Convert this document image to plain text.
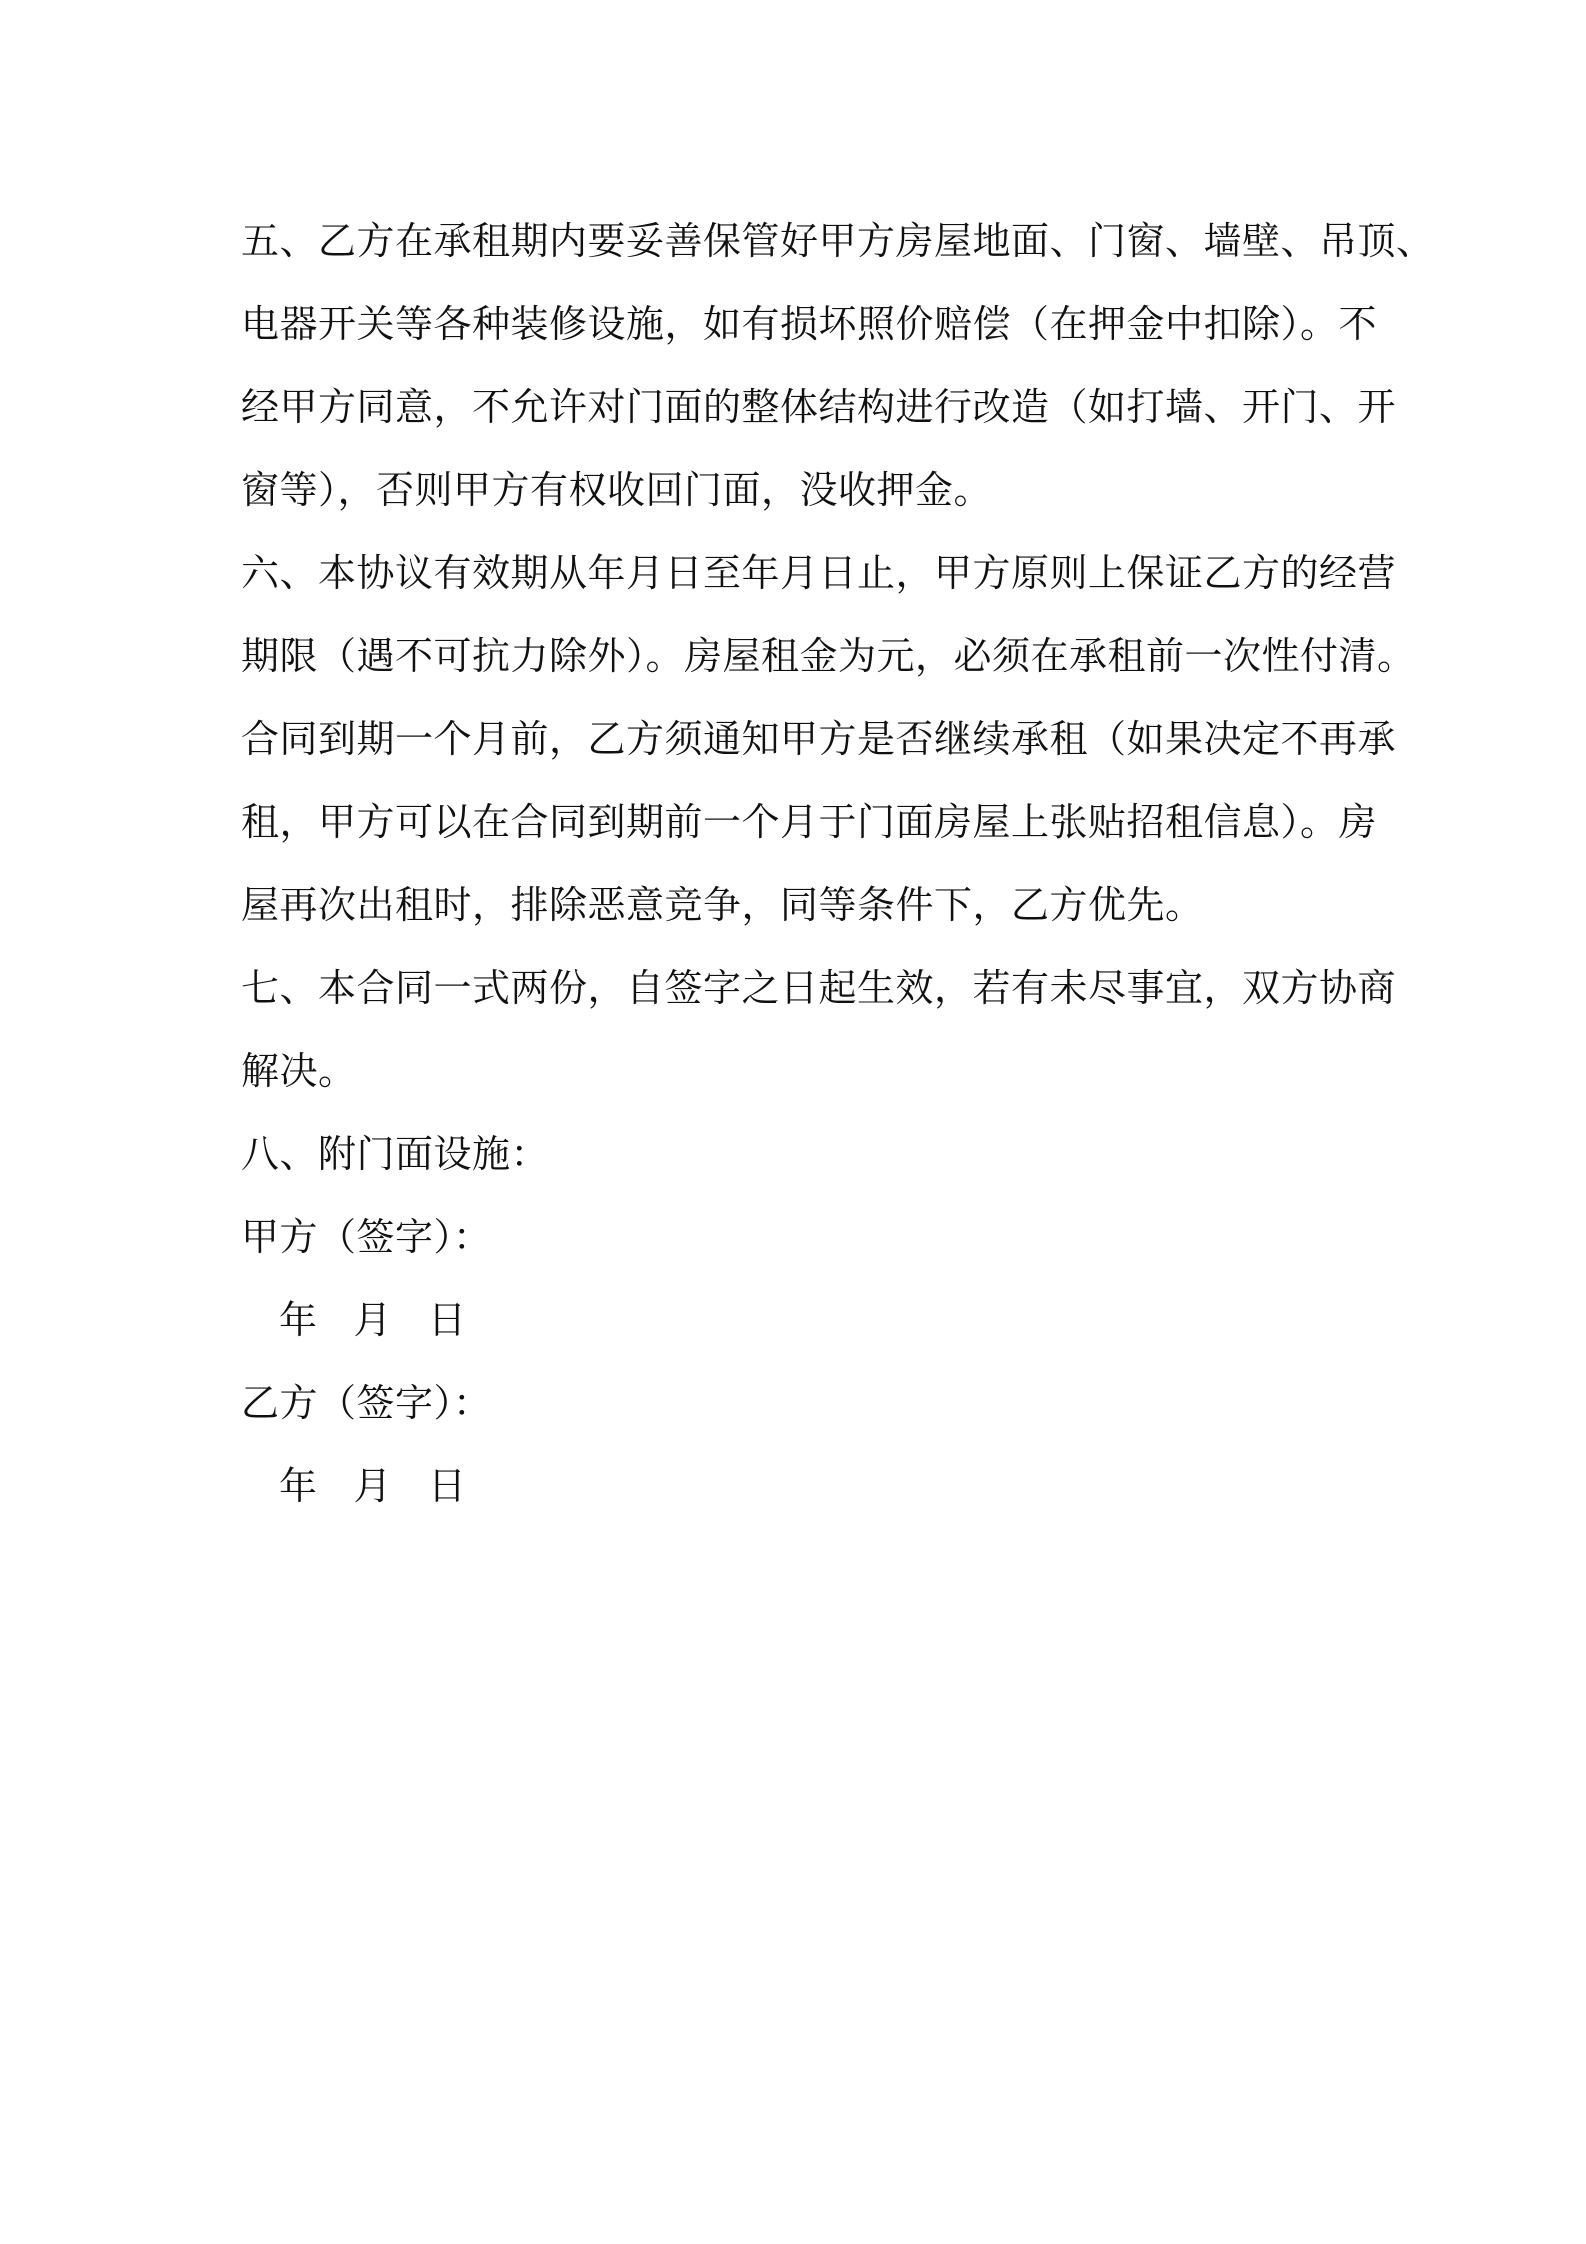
五、乙方在承租期内要妥善保管好甲方房屋地面、门窗、墙壁、吊顶、
电器开关等各种装修设施，如有损坏照价赔偿（在押金中扣除）。不
经甲方同意，不允许对门面的整体结构进行改造（如打墙、开门、开
窗等），否则甲方有权收回门面，没收押金。
六、本协议有效期从年月日至年月日止，甲方原则上保证乙方的经营
期限（遇不可抗力除外）。房屋租金为元，必须在承租前一次性付清。
合同到期一个月前，乙方须通知甲方是否继续承租（如果决定不再承
租，甲方可以在合同到期前一个月于门面房屋上张贴招租信息）。房
屋再次出租时，排除恶意竞争，同等条件下，乙方优先。
七、本合同一式两份，自签字之日起生效，若有未尽事宜，双方协商
解决。
八、附门面设施：
甲方（签字）：
年 月 日
乙方（签字）：
年 月 日
